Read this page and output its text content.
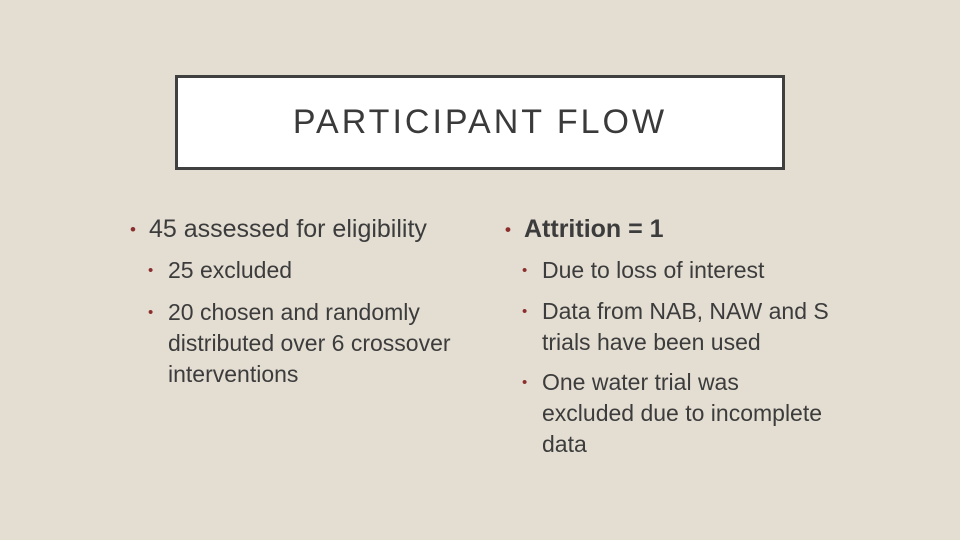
PARTICIPANT FLOW
• 45 assessed for eligibility
• 25 excluded
• 20 chosen and randomly distributed over 6 crossover interventions
• Attrition = 1
• Due to loss of interest
• Data from NAB, NAW and S trials have been used
• One water trial was excluded due to incomplete data
